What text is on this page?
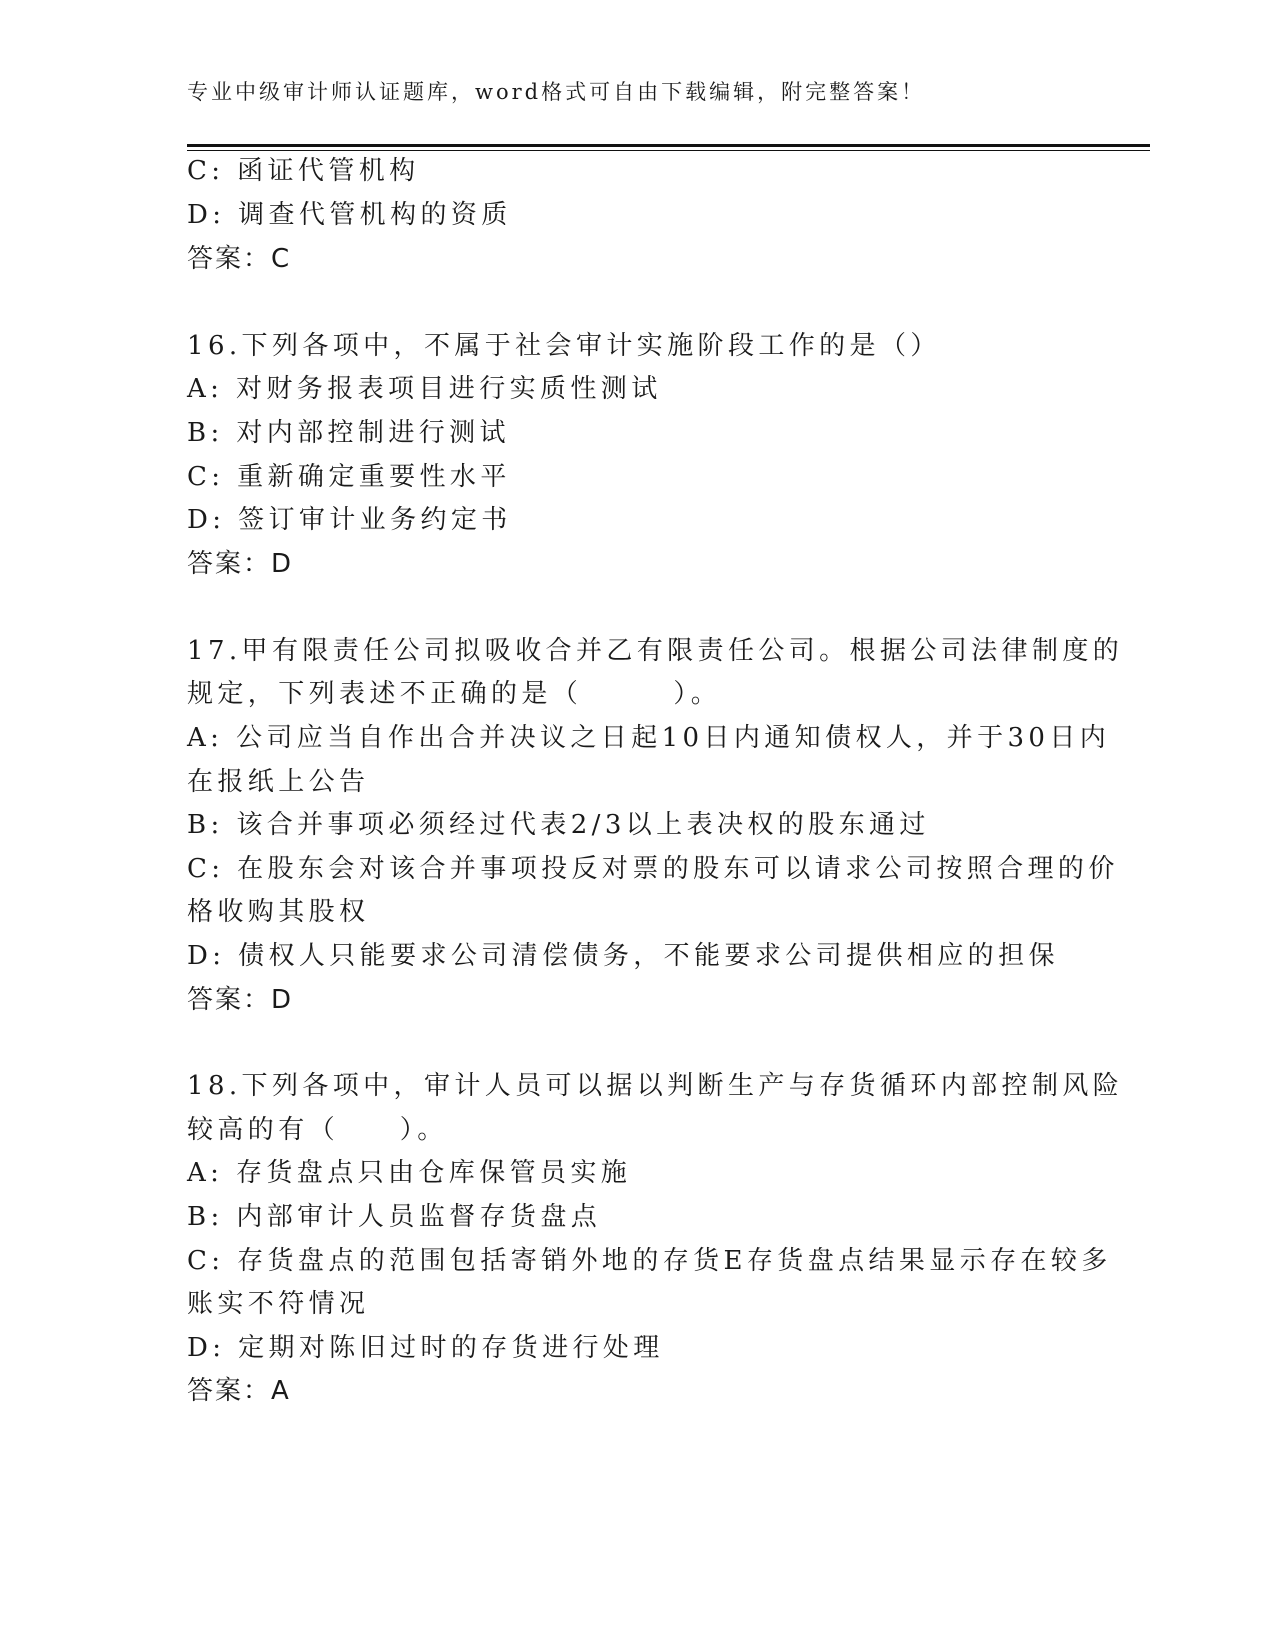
专业中级审计师认证题库，word格式可自由下载编辑，附完整答案！
C: 函证代管机构
D: 调查代管机构的资质
答案：C
16.下列各项中，不属于社会审计实施阶段工作的是（）
A: 对财务报表项目进行实质性测试
B: 对内部控制进行测试
C: 重新确定重要性水平
D: 签订审计业务约定书
答案：D
17.甲有限责任公司拟吸收合并乙有限责任公司。根据公司法律制度的
规定，下列表述不正确的是（　　　）。
A: 公司应当自作出合并决议之日起10日内通知债权人，并于30日内
在报纸上公告
B: 该合并事项必须经过代表2/3以上表决权的股东通过
C: 在股东会对该合并事项投反对票的股东可以请求公司按照合理的价
格收购其股权
D: 债权人只能要求公司清偿债务，不能要求公司提供相应的担保
答案：D
18.下列各项中，审计人员可以据以判断生产与存货循环内部控制风险
较高的有（　　）。
A: 存货盘点只由仓库保管员实施
B: 内部审计人员监督存货盘点
C: 存货盘点的范围包括寄销外地的存货E存货盘点结果显示存在较多
账实不符情况
D: 定期对陈旧过时的存货进行处理
答案：A
